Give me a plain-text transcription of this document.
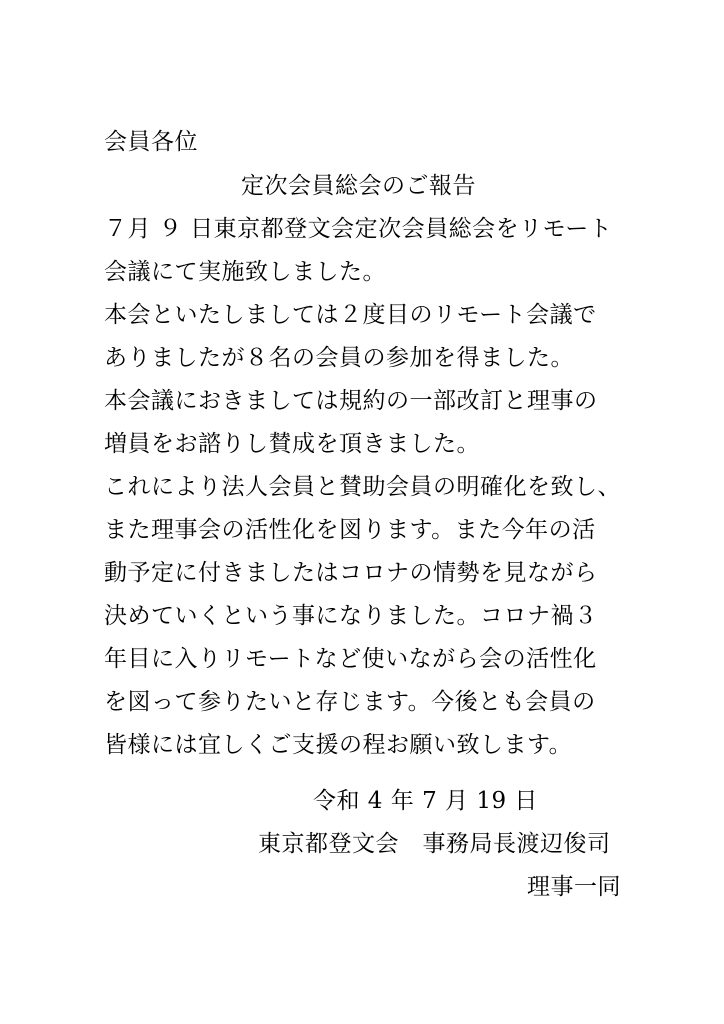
会員各位
定次会員総会のご報告
７月 ９ 日東京都登文会定次会員総会をリモート
会議にて実施致しました。
本会といたしましては２度目のリモート会議で
ありましたが８名の会員の参加を得ました。
本会議におきましては規約の一部改訂と理事の
増員をお諮りし賛成を頂きました。
これにより法人会員と賛助会員の明確化を致し、
また理事会の活性化を図ります。また今年の活
動予定に付きましたはコロナの情勢を見ながら
決めていくという事になりました。コロナ禍３
年目に入りリモートなど使いながら会の活性化
を図って参りたいと存じます。今後とも会員の
皆様には宜しくご支援の程お願い致します。
令和 4 年 7 月 19 日
東京都登文会　事務局長渡辺俊司
理事一同
